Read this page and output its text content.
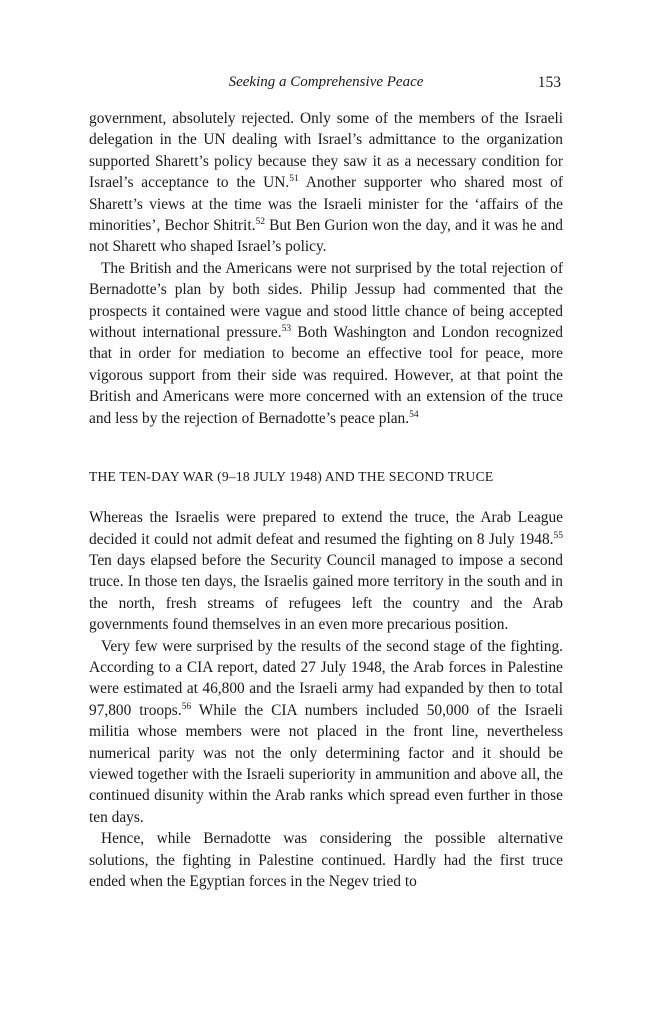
Seeking a Comprehensive Peace	153

government, absolutely rejected. Only some of the members of the Israeli delegation in the UN dealing with Israel’s admittance to the organization supported Sharett’s policy because they saw it as a necessary condition for Israel’s acceptance to the UN.$^{51}$ Another supporter who shared most of Sharett’s views at the time was the Israeli minister for the ‘affairs of the minorities’, Bechor Shitrit.$^{52}$ But Ben Gurion won the day, and it was he and not Sharett who shaped Israel’s policy.

The British and the Americans were not surprised by the total rejection of Bernadotte’s plan by both sides. Philip Jessup had commented that the prospects it contained were vague and stood little chance of being accepted without international pressure.$^{53}$ Both Washington and London recognized that in order for mediation to become an effective tool for peace, more vigorous support from their side was required. However, at that point the British and Americans were more concerned with an extension of the truce and less by the rejection of Bernadotte’s peace plan.$^{54}$

THE TEN-DAY WAR (9–18 JULY 1948) AND THE SECOND TRUCE

Whereas the Israelis were prepared to extend the truce, the Arab League decided it could not admit defeat and resumed the fighting on 8 July 1948.55 Ten days elapsed before the Security Council managed to impose a second truce. In those ten days, the Israelis gained more territory in the south and in the north, fresh streams of refugees left the country and the Arab governments found themselves in an even more precarious position.

Very few were surprised by the results of the second stage of the fighting. According to a CIA report, dated 27 July 1948, the Arab forces in Palestine were estimated at 46,800 and the Israeli army had expanded by then to total 97,800 troops.$^{56}$ While the CIA numbers included 50,000 of the Israeli militia whose members were not placed in the front line, nevertheless numerical parity was not the only determining factor and it should be viewed together with the Israeli superiority in ammunition and above all, the continued disunity within the Arab ranks which spread even further in those ten days.

Hence, while Bernadotte was considering the possible alternative solutions, the fighting in Palestine continued. Hardly had the first truce ended when the Egyptian forces in the Negev tried to
